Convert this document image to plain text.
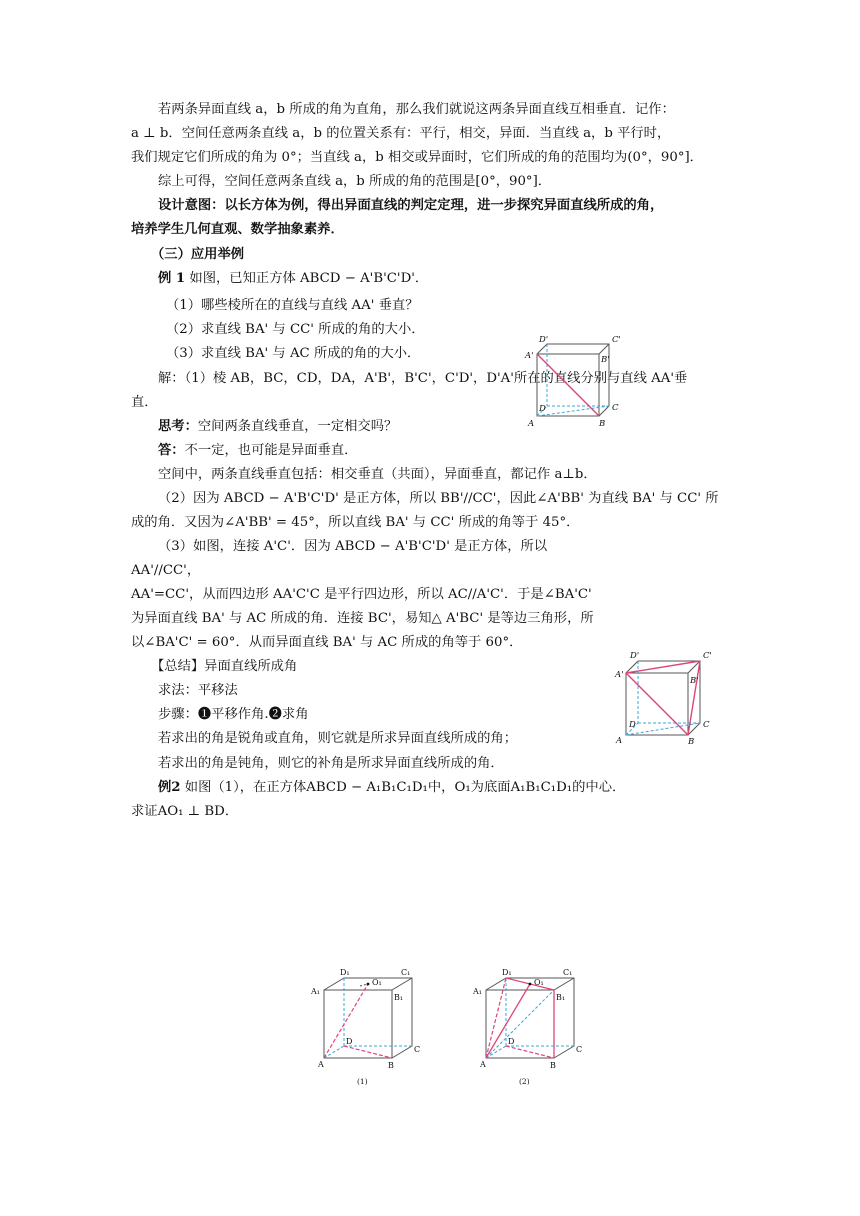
若两条异面直线 a，b 所成的角为直角，那么我们就说这两条异面直线互相垂直．记作：

a ⊥ b．空间任意两条直线 a，b 的位置关系有：平行，相交，异面．当直线 a，b 平行时，

我们规定它们所成的角为 0°；当直线 a，b 相交或异面时，它们所成的角的范围均为(0°，90°]．

综上可得，空间任意两条直线 a，b 所成的角的范围是[0°，90°]．

设计意图：以长方体为例，得出异面直线的判定定理，进一步探究异面直线所成的角，

培养学生几何直观、数学抽象素养．

（三）应用举例

例 1 如图，已知正方体 ABCD − A'B'C'D'．

（1）哪些棱所在的直线与直线 AA' 垂直？

（2）求直线 BA' 与 CC' 所成的角的大小．

（3）求直线 BA' 与 AC 所成的角的大小．

解：（1）棱 AB，BC，CD，DA，A'B'，B'C'，C'D'，D'A'所在的直线分别与直线 AA'垂

直．

思考：空间两条直线垂直，一定相交吗？

答：不一定，也可能是异面垂直．

空间中，两条直线垂直包括：相交垂直（共面），异面垂直，都记作 a⊥b．

（2）因为 ABCD − A'B'C'D' 是正方体，所以 BB'//CC'，因此∠A'BB' 为直线 BA' 与 CC' 所

成的角．又因为∠A'BB' = 45°，所以直线 BA' 与 CC' 所成的角等于 45°．

（3）如图，连接 A'C'．因为 ABCD − A'B'C'D' 是正方体，所以 AA'//CC'，

AA'=CC'，从而四边形 AA'C'C 是平行四边形，所以 AC//A'C'．于是∠BA'C'

为异面直线 BA' 与 AC 所成的角．连接 BC'，易知△ A'BC' 是等边三角形，所

以∠BA'C' = 60°．从而异面直线 BA' 与 AC 所成的角等于 60°．

【总结】异面直线所成角

求法：平移法

步骤：❶平移作角.❷求角

若求出的角是锐角或直角，则它就是所求异面直线所成的角；

若求出的角是钝角，则它的补角是所求异面直线所成的角．

例2 如图（1），在正方体ABCD − A₁B₁C₁D₁中，O₁为底面A₁B₁C₁D₁的中心．

求证AO₁ ⊥ BD．

D'	C'
A'	B'
D	C
A	B
D'	C'
A'
B'
D	C
A	B
D₁
O₁
C₁
A₁
B₁
D
C
A	B
(1)
D₁
O₁
C₁
A₁
B₁
D
C
A	B
(2)
